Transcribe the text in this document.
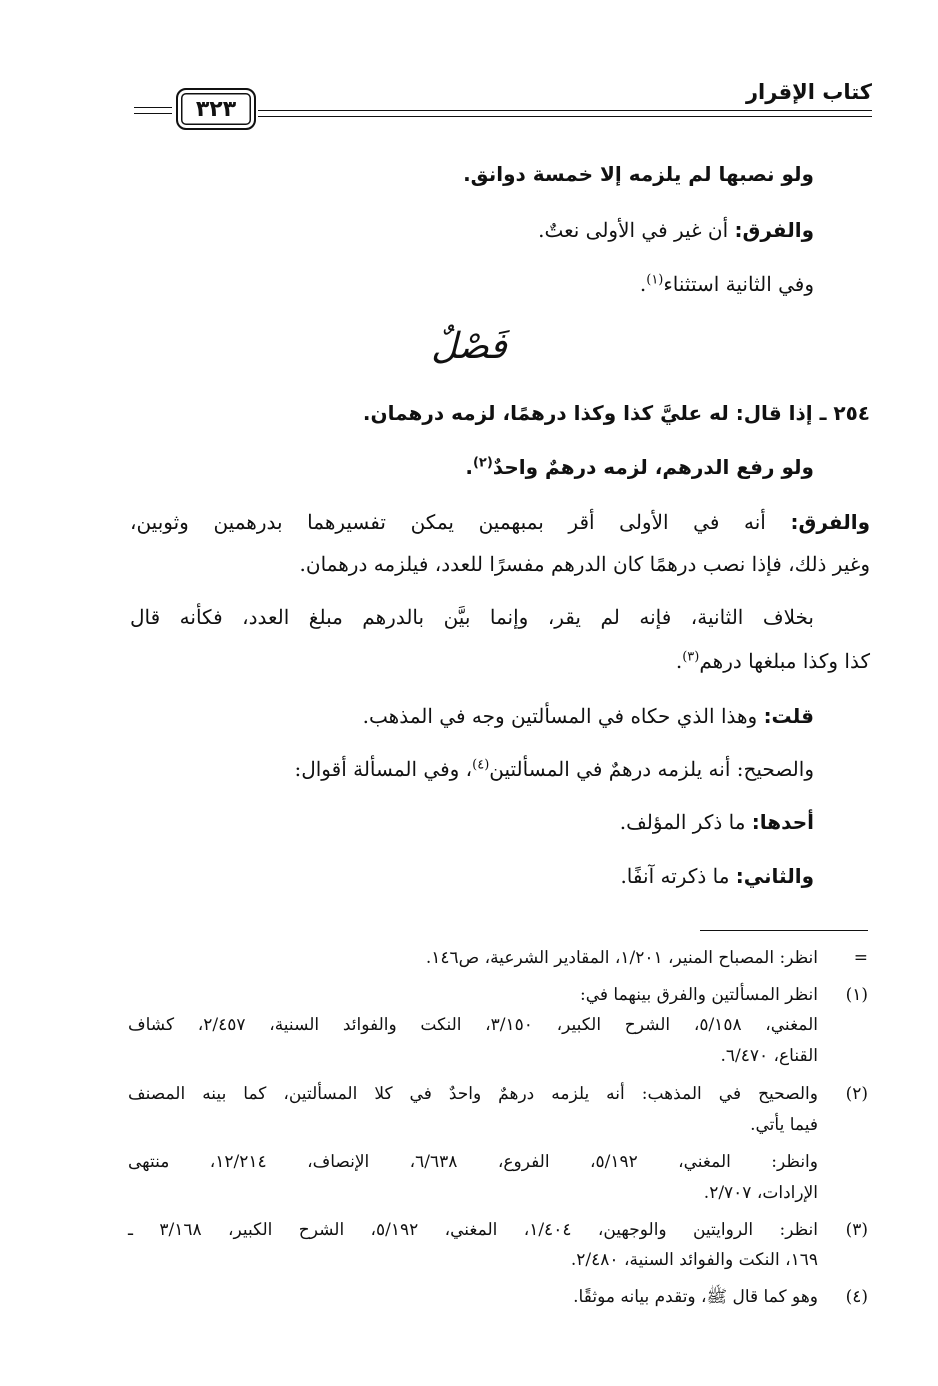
كتاب الإقرار
٣٢٣
ولو نصبها لم يلزمه إلا خمسة دوانق.
والفرق: أن غير في الأولى نعتٌ.
وفي الثانية استثناء$^{(١)}$.
فَصْلٌ
٢٥٤ ـ إذا قال: له عليَّ كذا وكذا درهمًا، لزمه درهمان.
ولو رفع الدرهم، لزمه درهمٌ واحدٌ$^{(٢)}$.
والفرق: أنه في الأولى أقر بمبهمين يمكن تفسيرهما بدرهمين وثوبين،
وغير ذلك، فإذا نصب درهمًا كان الدرهم مفسرًا للعدد، فيلزمه درهمان.
بخلاف الثانية، فإنه لم يقر، وإنما بيَّن بالدرهم مبلغ العدد، فكأنه قال
كذا وكذا مبلغها درهم$^{(٣)}$.
قلت: وهذا الذي حكاه في المسألتين وجه في المذهب.
والصحيح: أنه يلزمه درهمٌ في المسألتين$^{(٤)}$، وفي المسألة أقوال:
أحدها: ما ذكر المؤلف.
والثاني: ما ذكرته آنفًا.
=
انظر: المصباح المنير، ١/٢٠١، المقادير الشرعية، ص١٤٦.
(١)
انظر المسألتين والفرق بينهما في:
المغني، ٥/١٥٨، الشرح الكبير، ٣/١٥٠، النكت والفوائد السنية، ٢/٤٥٧، كشاف
القناع، ٦/٤٧٠.
(٢)
والصحيح في المذهب: أنه يلزمه درهمٌ واحدٌ في كلا المسألتين، كما بينه المصنف
فيما يأتي.
وانظر: المغني، ٥/١٩٢، الفروع، ٦/٦٣٨، الإنصاف، ١٢/٢١٤، منتهى
الإرادات، ٢/٧٠٧.
(٣)
انظر: الروايتين والوجهين، ١/٤٠٤، المغني، ٥/١٩٢، الشرح الكبير، ٣/١٦٨ ـ
١٦٩، النكت والفوائد السنية، ٢/٤٨٠.
(٤)
وهو كما قال ﷺ، وتقدم بيانه موثقًا.
